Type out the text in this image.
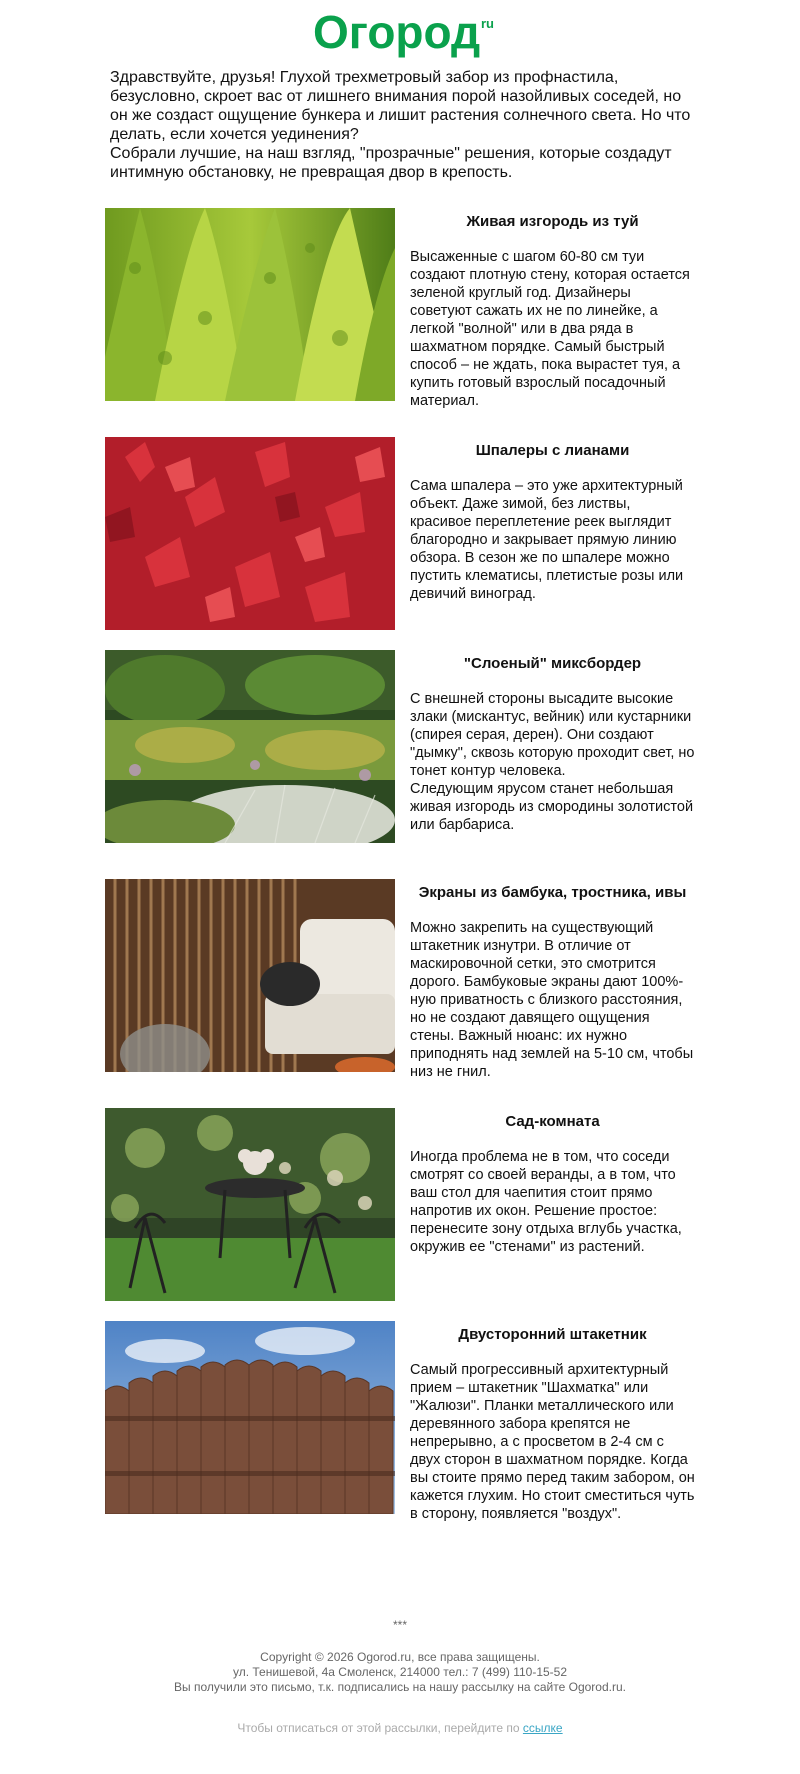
Огород ru

Здравствуйте, друзья! Глухой трехметровый забор из профнастила, безусловно, скроет вас от лишнего внимания порой назойливых соседей, но он же создаст ощущение бункера и лишит растения солнечного света. Но что делать, если хочется уединения?

Собрали лучшие, на наш взгляд, "прозрачные" решения, которые создадут интимную обстановку, не превращая двор в крепость.

Живая изгородь из туй

Высаженные с шагом 60-80 см туи создают плотную стену, которая остается зеленой круглый год. Дизайнеры советуют сажать их не по линейке, а легкой "волной" или в два ряда в шахматном порядке. Самый быстрый способ – не ждать, пока вырастет туя, а купить готовый взрослый посадочный материал.

Шпалеры с лианами

Сама шпалера – это уже архитектурный объект. Даже зимой, без листвы, красивое переплетение реек выглядит благородно и закрывает прямую линию обзора. В сезон же по шпалере можно пустить клематисы, плетистые розы или девичий виноград.

"Слоеный" миксбордер

С внешней стороны высадите высокие злаки (мискантус, вейник) или кустарники (спирея серая, дерен). Они создают "дымку", сквозь которую проходит свет, но тонет контур человека.
Следующим ярусом станет небольшая живая изгородь из смородины золотистой или барбариса.

Экраны из бамбука, тростника, ивы

Можно закрепить на существующий штакетник изнутри. В отличие от маскировочной сетки, это смотрится дорого. Бамбуковые экраны дают 100%-ную приватность с близкого расстояния, но не создают давящего ощущения стены. Важный нюанс: их нужно приподнять над землей на 5-10 см, чтобы низ не гнил.

Сад-комната

Иногда проблема не в том, что соседи смотрят со своей веранды, а в том, что ваш стол для чаепития стоит прямо напротив их окон. Решение простое: перенесите зону отдыха вглубь участка, окружив ее "стенами" из растений.

Двусторонний штакетник

Самый прогрессивный архитектурный прием – штакетник "Шахматка" или "Жалюзи". Планки металлического или деревянного забора крепятся не непрерывно, а с просветом в 2-4 см с двух сторон в шахматном порядке. Когда вы стоите прямо перед таким забором, он кажется глухим. Но стоит сместиться чуть в сторону, появляется "воздух".

***
Copyright © 2026 Ogorod.ru, все права защищены.
ул. Тенишевой, 4а Смоленск, 214000 тел.: 7 (499) 110-15-52
Вы получили это письмо, т.к. подписались на нашу рассылку на сайте Ogorod.ru.
Чтобы отписаться от этой рассылки, перейдите по ссылке
